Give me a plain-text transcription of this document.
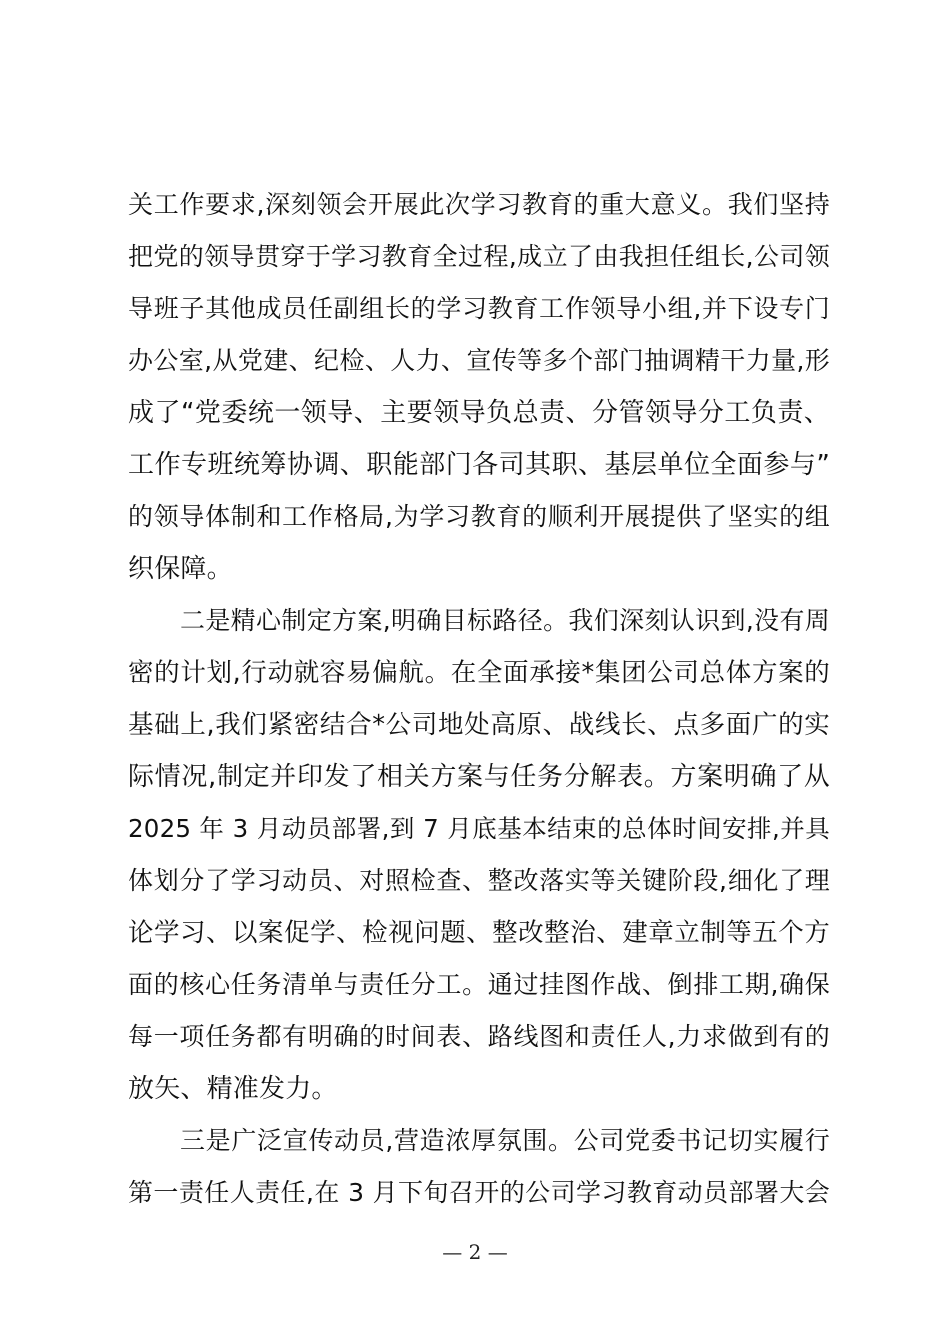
关工作要求,深刻领会开展此次学习教育的重大意义。我们坚持
把党的领导贯穿于学习教育全过程,成立了由我担任组长,公司领
导班子其他成员任副组长的学习教育工作领导小组,并下设专门
办公室,从党建、纪检、人力、宣传等多个部门抽调精干力量,形
成了“党委统一领导、主要领导负总责、分管领导分工负责、
工作专班统筹协调、职能部门各司其职、基层单位全面参与”
的领导体制和工作格局,为学习教育的顺利开展提供了坚实的组
织保障。
二是精心制定方案,明确目标路径。我们深刻认识到,没有周
密的计划,行动就容易偏航。在全面承接*集团公司总体方案的
基础上,我们紧密结合*公司地处高原、战线长、点多面广的实
际情况,制定并印发了相关方案与任务分解表。方案明确了从
2025 年 3 月动员部署,到 7 月底基本结束的总体时间安排,并具
体划分了学习动员、对照检查、整改落实等关键阶段,细化了理
论学习、以案促学、检视问题、整改整治、建章立制等五个方
面的核心任务清单与责任分工。通过挂图作战、倒排工期,确保
每一项任务都有明确的时间表、路线图和责任人,力求做到有的
放矢、精准发力。
三是广泛宣传动员,营造浓厚氛围。公司党委书记切实履行
第一责任人责任,在 3 月下旬召开的公司学习教育动员部署大会
— 2 —
